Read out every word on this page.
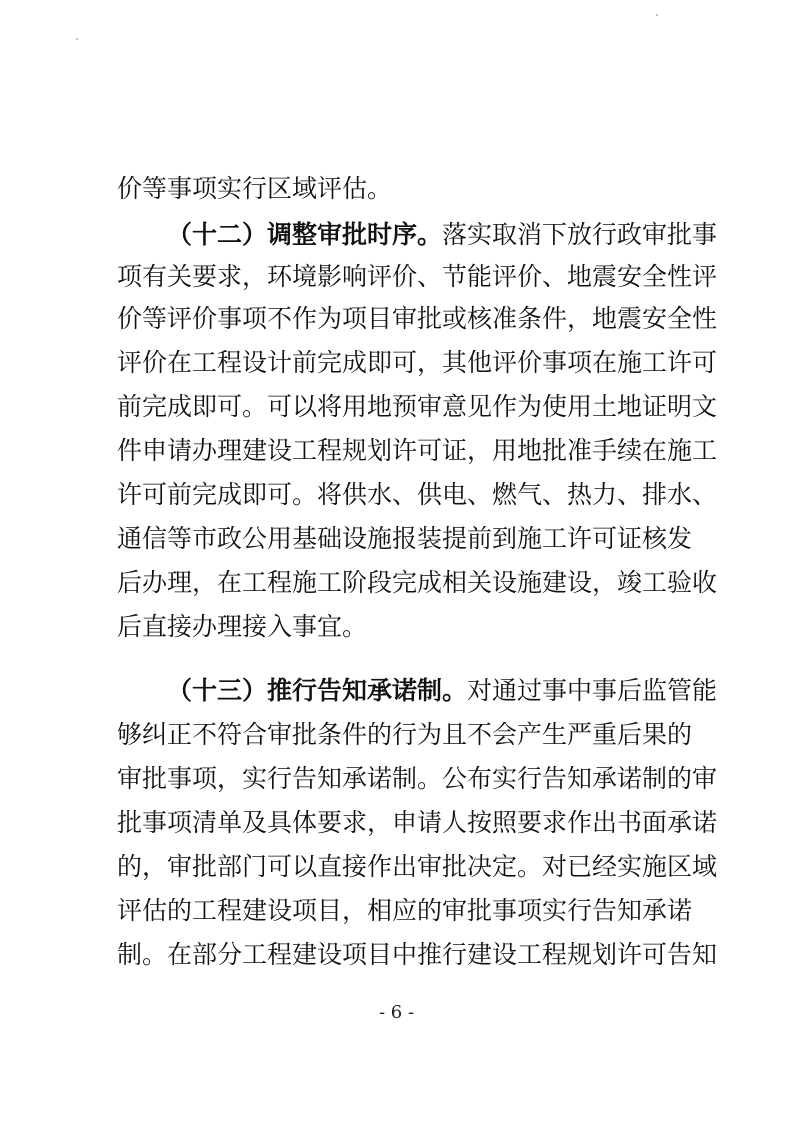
价等事项实行区域评估。
（十二）调整审批时序。落实取消下放行政审批事
项有关要求，环境影响评价、节能评价、地震安全性评
价等评价事项不作为项目审批或核准条件，地震安全性
评价在工程设计前完成即可，其他评价事项在施工许可
前完成即可。可以将用地预审意见作为使用土地证明文
件申请办理建设工程规划许可证，用地批准手续在施工
许可前完成即可。将供水、供电、燃气、热力、排水、
通信等市政公用基础设施报装提前到施工许可证核发
后办理，在工程施工阶段完成相关设施建设，竣工验收
后直接办理接入事宜。
（十三）推行告知承诺制。对通过事中事后监管能
够纠正不符合审批条件的行为且不会产生严重后果的
审批事项，实行告知承诺制。公布实行告知承诺制的审
批事项清单及具体要求，申请人按照要求作出书面承诺
的，审批部门可以直接作出审批决定。对已经实施区域
- 6 -
评估的工程建设项目，相应的审批事项实行告知承诺
制。在部分工程建设项目中推行建设工程规划许可告知
